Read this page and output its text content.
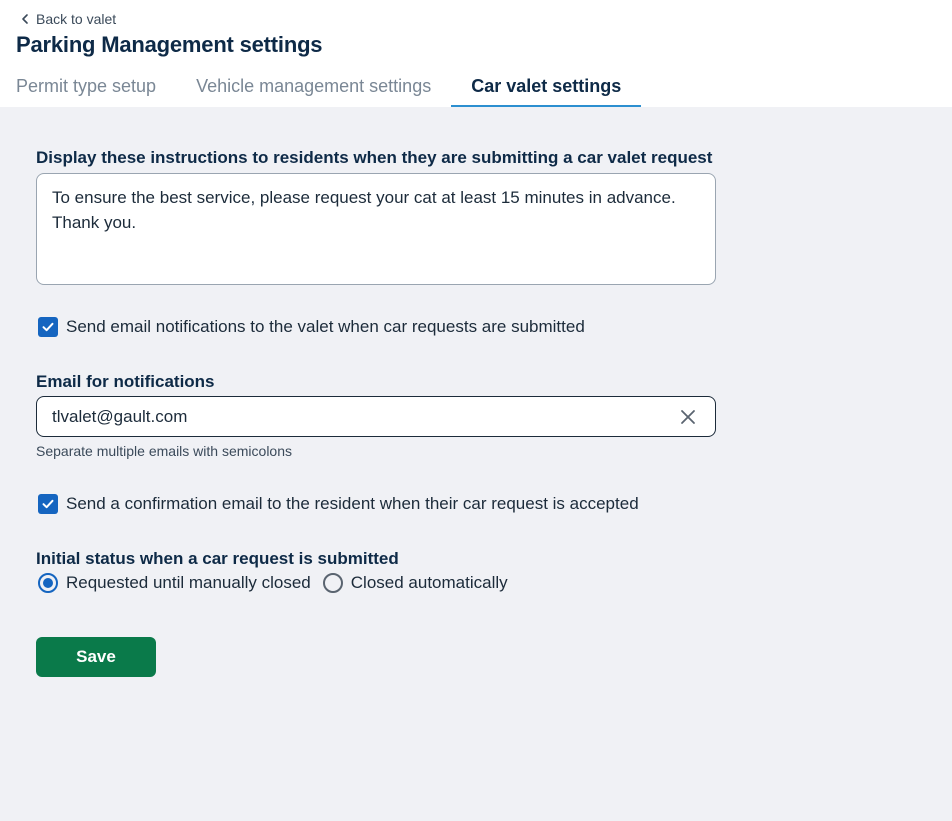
Back to valet
Parking Management settings
Permit type setup	Vehicle management settings	Car valet settings
Display these instructions to residents when they are submitting a car valet request
To ensure the best service, please request your cat at least 15 minutes in advance. Thank you.
Send email notifications to the valet when car requests are submitted
Email for notifications
tlvalet@gault.com
Separate multiple emails with semicolons
Send a confirmation email to the resident when their car request is accepted
Initial status when a car request is submitted
Requested until manually closed Closed automatically
Save
